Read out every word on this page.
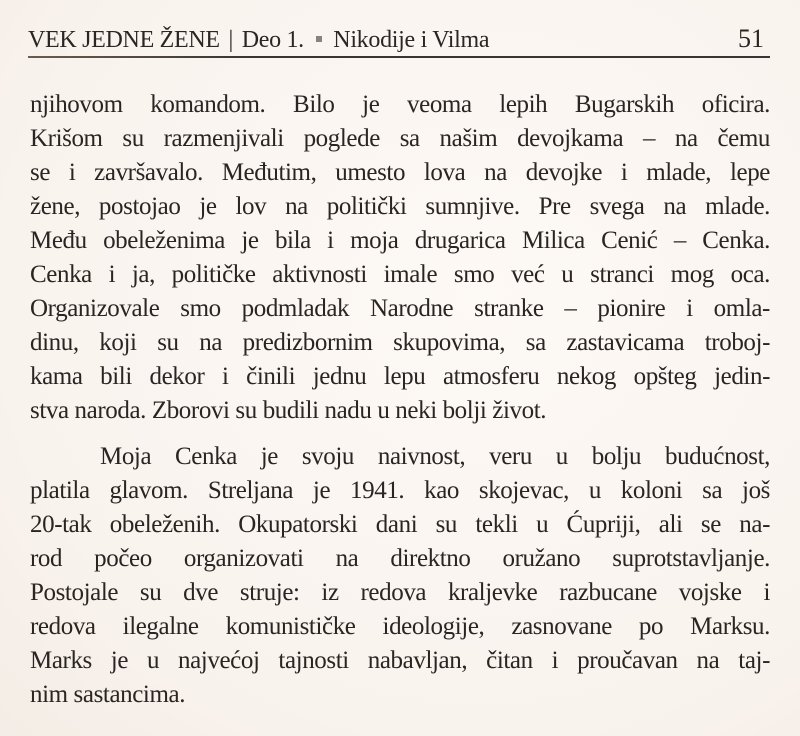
VEK JEDNE ŽENE | Deo 1. Nikodije i Vilma	51
njihovom komandom. Bilo je veoma lepih Bugarskih oficira.
Krišom su razmenjivali poglede sa našim devojkama – na čemu
se i završavalo. Međutim, umesto lova na devojke i mlade, lepe
žene, postojao je lov na politički sumnjive. Pre svega na mlade.
Među obeleženima je bila i moja drugarica Milica Cenić – Cenka.
Cenka i ja, političke aktivnosti imale smo već u stranci mog oca.
Organizovale smo podmladak Narodne stranke – pionire i omla-
dinu, koji su na predizbornim skupovima, sa zastavicama troboj-
kama bili dekor i činili jednu lepu atmosferu nekog opšteg jedin-
stva naroda. Zborovi su budili nadu u neki bolji život.
Moja Cenka je svoju naivnost, veru u bolju budućnost,
platila glavom. Streljana je 1941. kao skojevac, u koloni sa još
20-tak obeleženih. Okupatorski dani su tekli u Ćupriji, ali se na-
rod počeo organizovati na direktno oružano suprotstavljanje.
Postojale su dve struje: iz redova kraljevke razbucane vojske i
redova ilegalne komunističke ideologije, zasnovane po Marksu.
Marks je u najvećoj tajnosti nabavljan, čitan i proučavan na taj-
nim sastancima.
